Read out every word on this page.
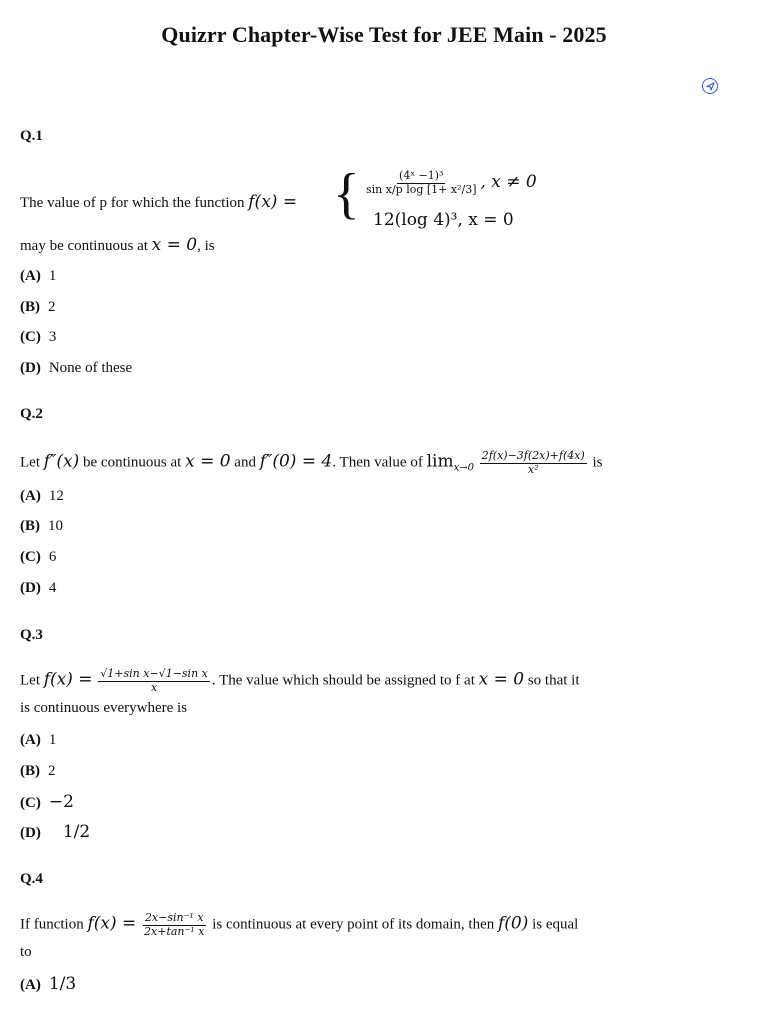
Quizrr Chapter-Wise Test for JEE Main - 2025
Q.1
The value of p for which the function f(x) = { $\frac{\text{(4ˣ −1)³}}{\text{sin x/p log [1+ x²/3]}}$ , x ≠ 0
12(log 4)³, x = 0
may be continuous at x = 0, is
(A) 1
(B) 2
(C) 3
(D) None of these
Q.2
Let f″(x) be continuous at x = 0 and f″(0) = 4. Then value of $\lim_{x\to 0} \frac{2f(x)-3f(2x)+f(4x)}{\text{x²}}$ is
(A) 12
(B) 10
(C) 6
(D) 4
Q.3
Let $f(x) = \frac{\text{√1+sin x−√1−sin x}}{x}$ . The value which should be assigned to f at x = 0 so that it
is continuous everywhere is
(A) 1
(B) 2
(C) −2
(D) 1/2
Q.4
If function $f(x) = \frac{\text{2x−sin⁻¹ x}}{\text{2x+tan⁻¹ x}}$ is continuous at every point of its domain, then f(0) is equal
to
(A) 1/3
